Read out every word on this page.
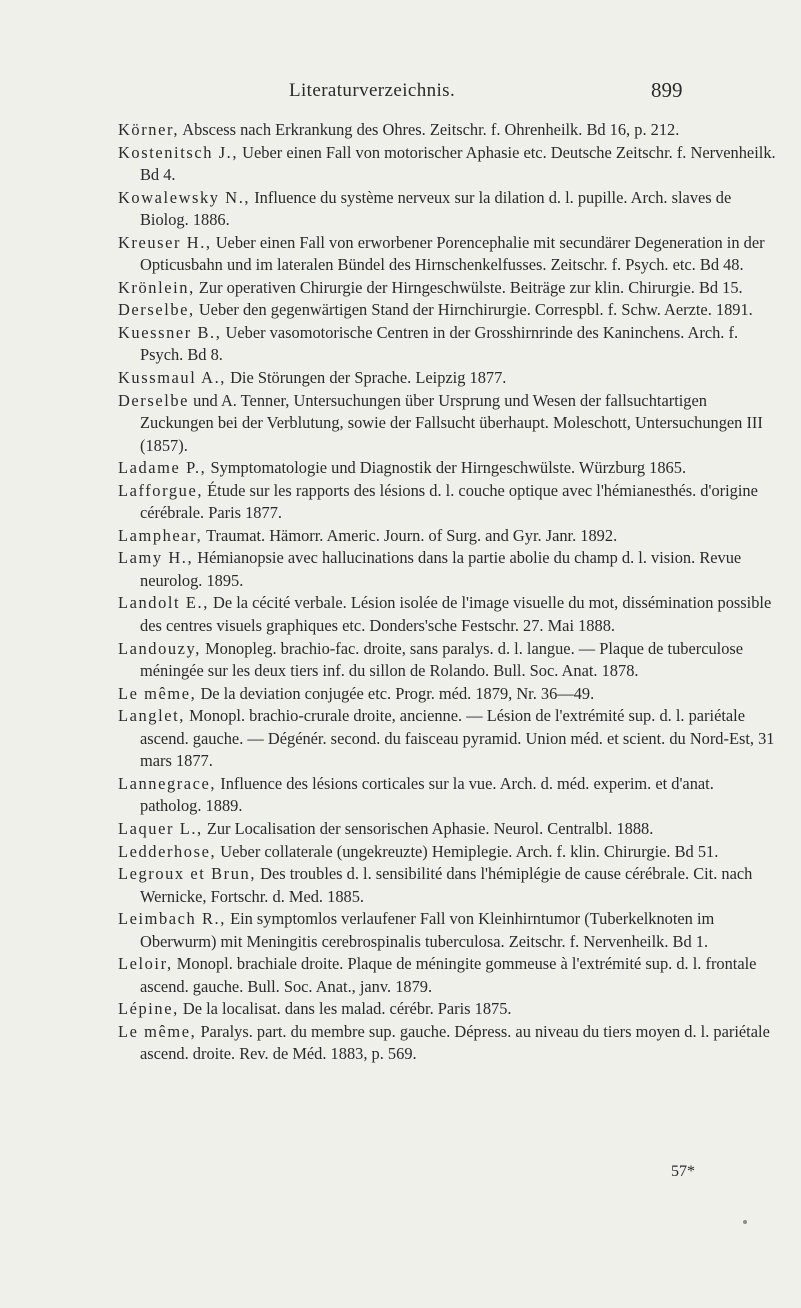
Literaturverzeichnis.	899

Körner, Abscess nach Erkrankung des Ohres. Zeitschr. f. Ohrenheilk. Bd 16, p. 212.

Kostenitsch J., Ueber einen Fall von motorischer Aphasie etc. Deutsche Zeitschr. f. Nervenheilk. Bd 4.

Kowalewsky N., Influence du système nerveux sur la dilation d. l. pupille. Arch. slaves de Biolog. 1886.

Kreuser H., Ueber einen Fall von erworbener Porencephalie mit secundärer Degeneration in der Opticusbahn und im lateralen Bündel des Hirnschenkelfusses. Zeitschr. f. Psych. etc. Bd 48.

Krönlein, Zur operativen Chirurgie der Hirngeschwülste. Beiträge zur klin. Chirurgie. Bd 15.

Derselbe, Ueber den gegenwärtigen Stand der Hirnchirurgie. Correspbl. f. Schw. Aerzte. 1891.

Kuessner B., Ueber vasomotorische Centren in der Grosshirnrinde des Kaninchens. Arch. f. Psych. Bd 8.

Kussmaul A., Die Störungen der Sprache. Leipzig 1877.

Derselbe und A. Tenner, Untersuchungen über Ursprung und Wesen der fallsuchtartigen Zuckungen bei der Verblutung, sowie der Fallsucht überhaupt. Moleschott, Untersuchungen III (1857).

Ladame P., Symptomatologie und Diagnostik der Hirngeschwülste. Würzburg 1865.

Lafforgue, Étude sur les rapports des lésions d. l. couche optique avec l'hémianesthés. d'origine cérébrale. Paris 1877.

Lamphear, Traumat. Hämorr. Americ. Journ. of Surg. and Gyr. Janr. 1892.

Lamy H., Hémianopsie avec hallucinations dans la partie abolie du champ d. l. vision. Revue neurolog. 1895.

Landolt E., De la cécité verbale. Lésion isolée de l'image visuelle du mot, dissémination possible des centres visuels graphiques etc. Donders'sche Festschr. 27. Mai 1888.

Landouzy, Monopleg. brachio-fac. droite, sans paralys. d. l. langue. — Plaque de tuberculose méningée sur les deux tiers inf. du sillon de Rolando. Bull. Soc. Anat. 1878.

Le même, De la deviation conjugée etc. Progr. méd. 1879, Nr. 36—49.

Langlet, Monopl. brachio-crurale droite, ancienne. — Lésion de l'extrémité sup. d. l. pariétale ascend. gauche. — Dégénér. second. du faisceau pyramid. Union méd. et scient. du Nord-Est, 31 mars 1877.

Lannegrace, Influence des lésions corticales sur la vue. Arch. d. méd. experim. et d'anat. patholog. 1889.

Laquer L., Zur Localisation der sensorischen Aphasie. Neurol. Centralbl. 1888.

Ledderhose, Ueber collaterale (ungekreuzte) Hemiplegie. Arch. f. klin. Chirurgie. Bd 51.

Legroux et Brun, Des troubles d. l. sensibilité dans l'hémiplégie de cause cérébrale. Cit. nach Wernicke, Fortschr. d. Med. 1885.

Leimbach R., Ein symptomlos verlaufener Fall von Kleinhirntumor (Tuberkelknoten im Oberwurm) mit Meningitis cerebrospinalis tuberculosa. Zeitschr. f. Nervenheilk. Bd 1.

Leloir, Monopl. brachiale droite. Plaque de méningite gommeuse à l'extrémité sup. d. l. frontale ascend. gauche. Bull. Soc. Anat., janv. 1879.

Lépine, De la localisat. dans les malad. cérébr. Paris 1875.

Le même, Paralys. part. du membre sup. gauche. Dépress. au niveau du tiers moyen d. l. pariétale ascend. droite. Rev. de Méd. 1883, p. 569.

57*
